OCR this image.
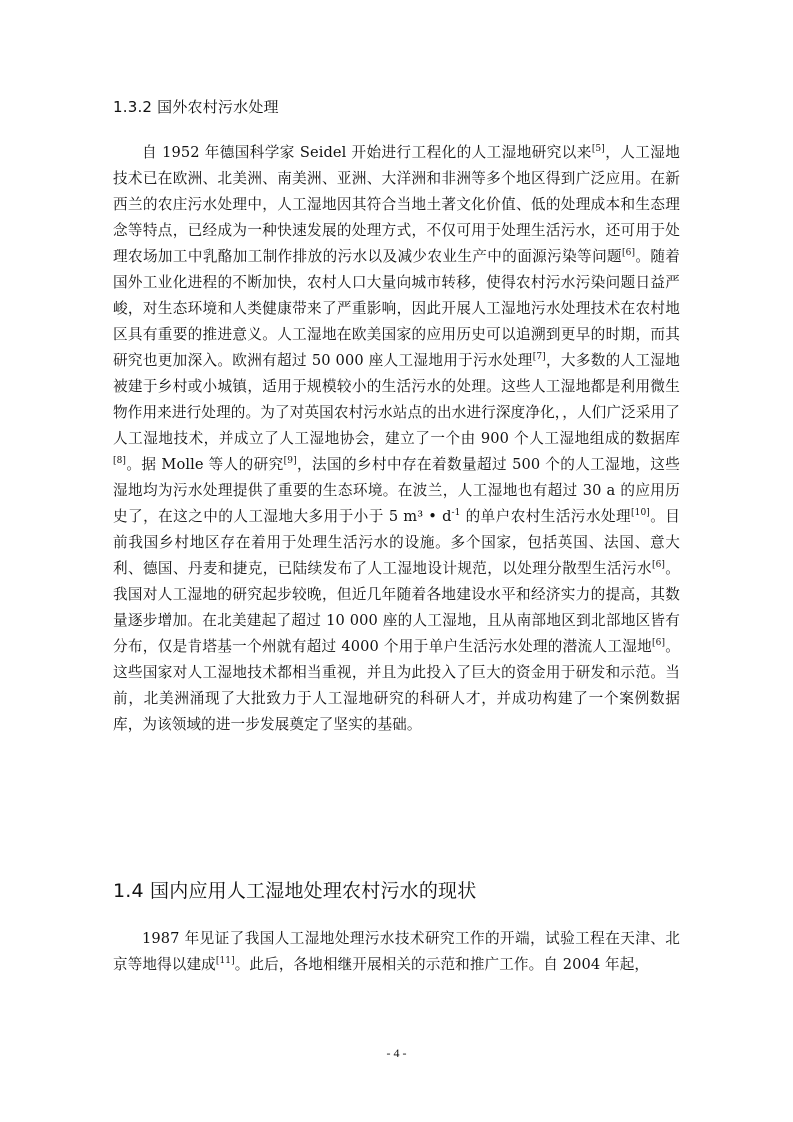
1.3.2 国外农村污水处理

自 1952 年德国科学家 Seidel 开始进行工程化的人工湿地研究以来[5]，人工湿地技术已在欧洲、北美洲、南美洲、亚洲、大洋洲和非洲等多个地区得到广泛应用。在新西兰的农庄污水处理中，人工湿地因其符合当地土著文化价值、低的处理成本和生态理念等特点，已经成为一种快速发展的处理方式，不仅可用于处理生活污水，还可用于处理农场加工中乳酪加工制作排放的污水以及减少农业生产中的面源污染等问题[6]。随着国外工业化进程的不断加快，农村人口大量向城市转移，使得农村污水污染问题日益严峻，对生态环境和人类健康带来了严重影响，因此开展人工湿地污水处理技术在农村地区具有重要的推进意义。人工湿地在欧美国家的应用历史可以追溯到更早的时期，而其研究也更加深入。欧洲有超过 50 000 座人工湿地用于污水处理[7]，大多数的人工湿地被建于乡村或小城镇，适用于规模较小的生活污水的处理。这些人工湿地都是利用微生物作用来进行处理的。为了对英国农村污水站点的出水进行深度净化，，人们广泛采用了人工湿地技术，并成立了人工湿地协会，建立了一个由 900 个人工湿地组成的数据库[8]。据 Molle 等人的研究[9]，法国的乡村中存在着数量超过 500 个的人工湿地，这些湿地均为污水处理提供了重要的生态环境。在波兰，人工湿地也有超过 30 a 的应用历史了，在这之中的人工湿地大多用于小于 5 m³ • $d^{-1}$ 的单户农村生活污水处理[10]。目前我国乡村地区存在着用于处理生活污水的设施。多个国家，包括英国、法国、意大利、德国、丹麦和捷克，已陆续发布了人工湿地设计规范，以处理分散型生活污水[6]。我国对人工湿地的研究起步较晚，但近几年随着各地建设水平和经济实力的提高，其数量逐步增加。在北美建起了超过 10 000 座的人工湿地，且从南部地区到北部地区皆有分布，仅是肯塔基一个州就有超过 4000 个用于单户生活污水处理的潜流人工湿地[6]。这些国家对人工湿地技术都相当重视，并且为此投入了巨大的资金用于研发和示范。当前，北美洲涌现了大批致力于人工湿地研究的科研人才，并成功构建了一个案例数据库，为该领域的进一步发展奠定了坚实的基础。

1.4 国内应用人工湿地处理农村污水的现状

1987 年见证了我国人工湿地处理污水技术研究工作的开端，试验工程在天津、北京等地得以建成[11]。此后，各地相继开展相关的示范和推广工作。自 2004 年起，

- 4 -
